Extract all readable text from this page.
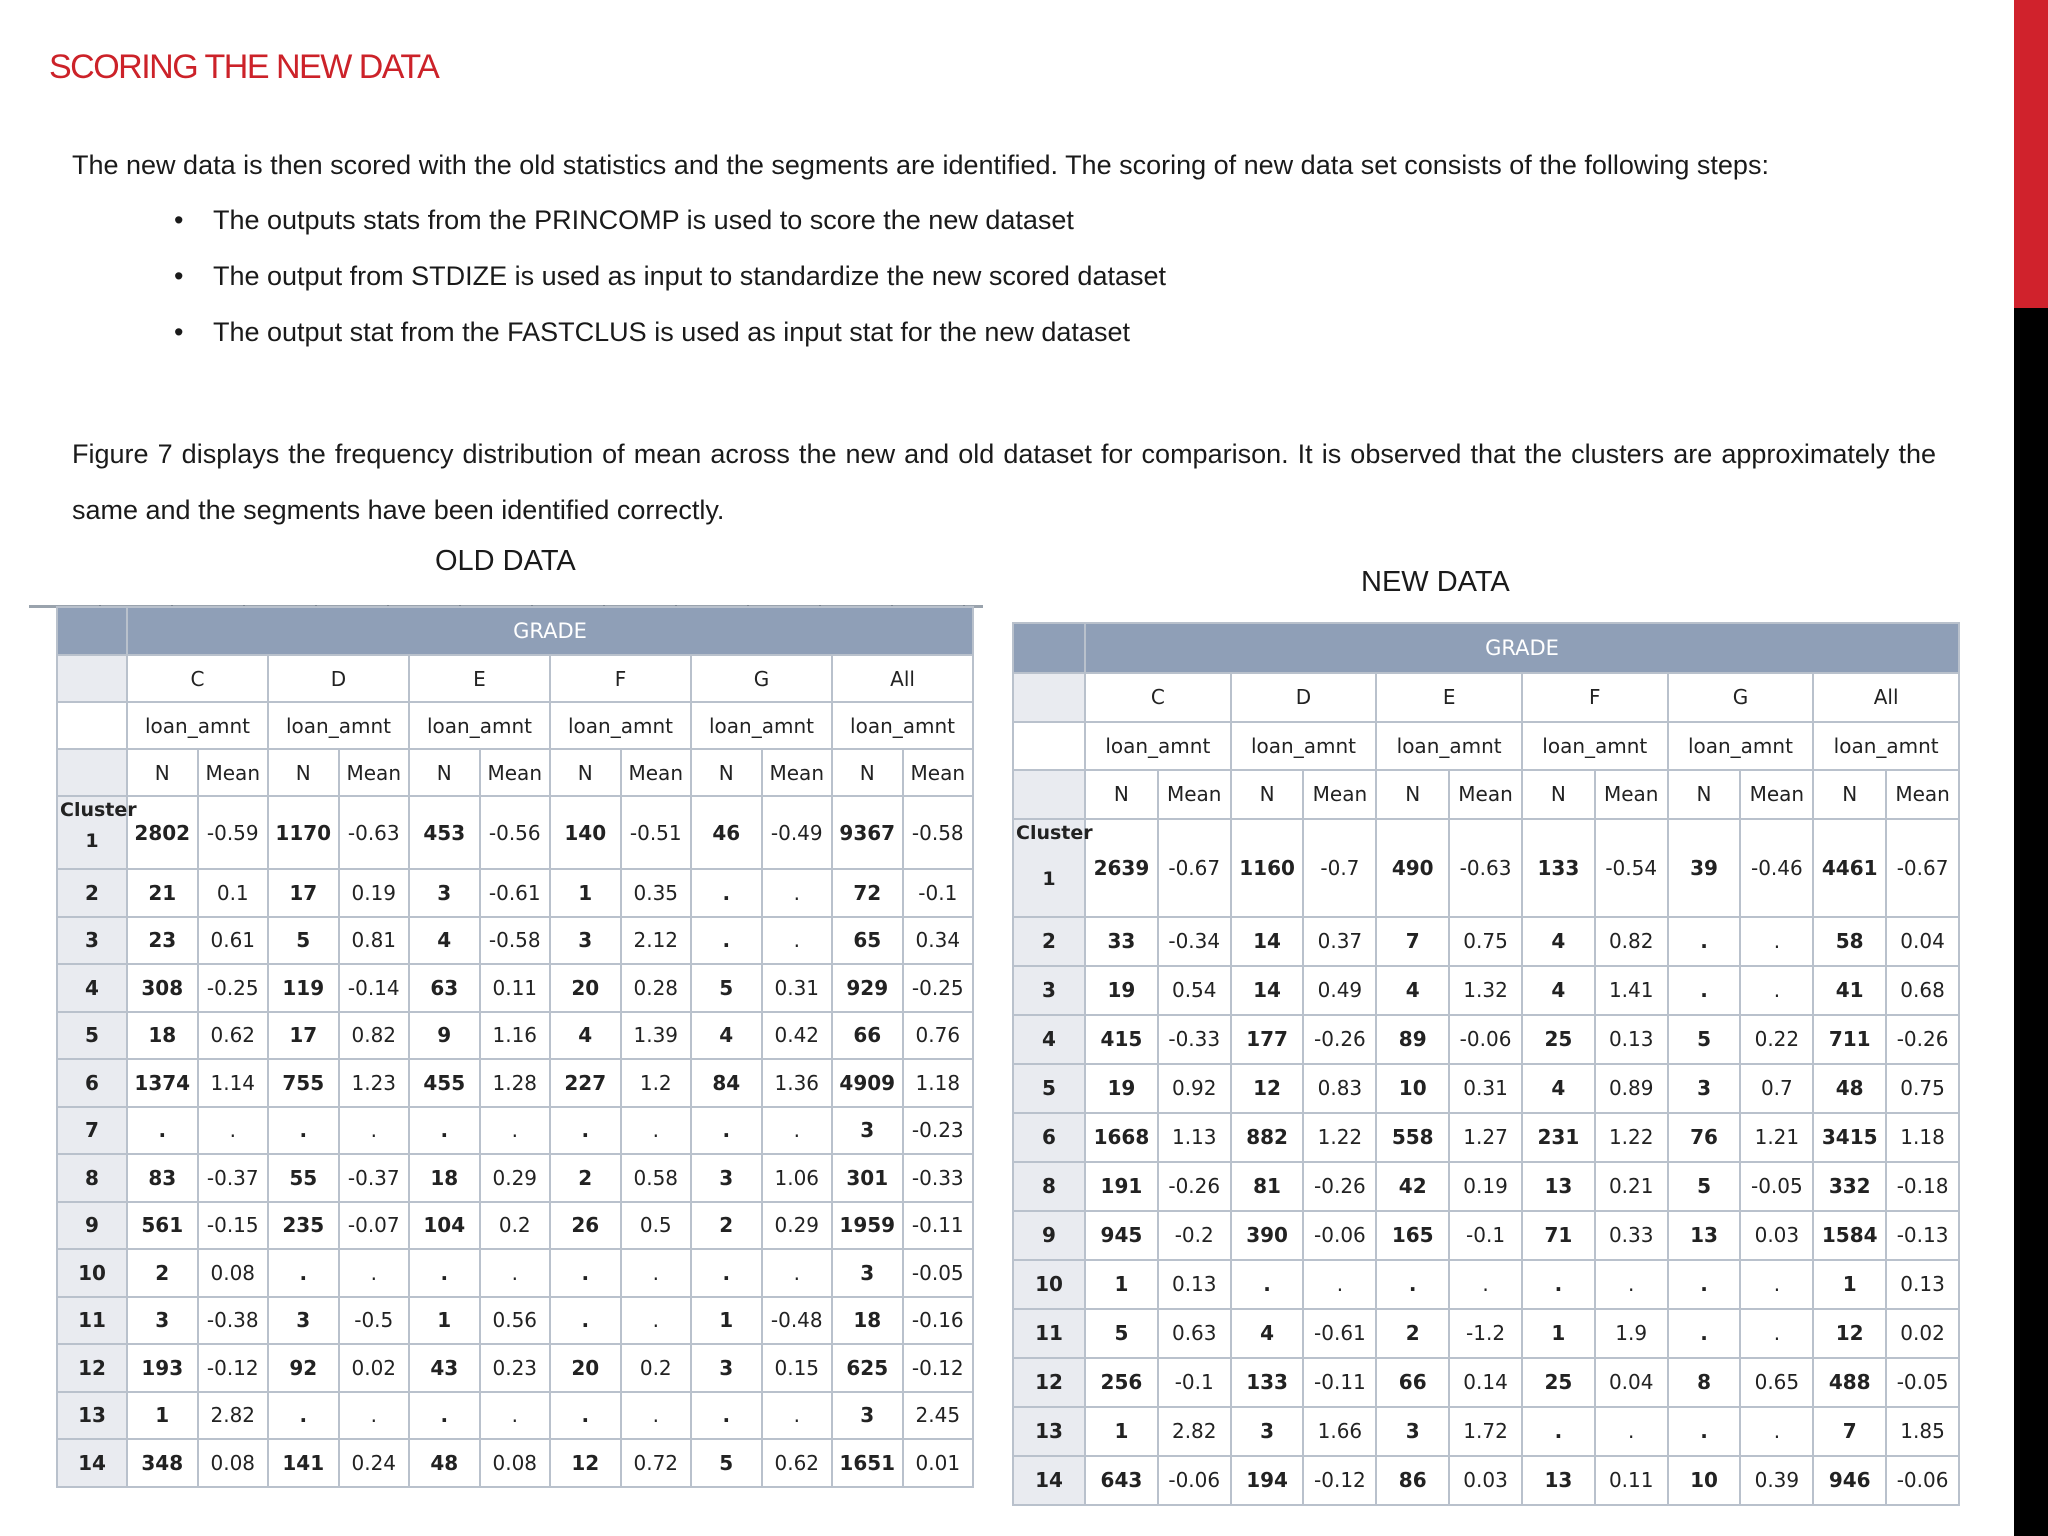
SCORING THE NEW DATA
The new data is then scored with the old statistics and the segments are identified. The scoring of new data set consists of the following steps:
• The outputs stats from the PRINCOMP is used to score the new dataset
• The output from STDIZE is used as input to standardize the new scored dataset
• The output stat from the FASTCLUS is used as input stat for the new dataset
Figure 7 displays the frequency distribution of mean across the new and old dataset for comparison. It is observed that the clusters are approximately the same and the segments have been identified correctly.
OLD DATA
NEW DATA
	GRADE											
	C		D		E		F		G		All	
	loan_amnt		loan_amnt		loan_amnt		loan_amnt		loan_amnt		loan_amnt	
	N	Mean	N	Mean	N	Mean	N	Mean	N	Mean	N	Mean

Cluster
1	2802	-0.59	1170	-0.63	453	-0.56	140	-0.51	46	-0.49	9367	-0.58
2	21	0.1	17	0.19	3	-0.61	1	0.35	.	.	72	-0.1
3	23	0.61	5	0.81	4	-0.58	3	2.12	.	.	65	0.34
4	308	-0.25	119	-0.14	63	0.11	20	0.28	5	0.31	929	-0.25
5	18	0.62	17	0.82	9	1.16	4	1.39	4	0.42	66	0.76
6	1374	1.14	755	1.23	455	1.28	227	1.2	84	1.36	4909	1.18
7	.	.	.	.	.	.	.	.	.	.	3	-0.23
8	83	-0.37	55	-0.37	18	0.29	2	0.58	3	1.06	301	-0.33
9	561	-0.15	235	-0.07	104	0.2	26	0.5	2	0.29	1959	-0.11
10	2	0.08	.	.	.	.	.	.	.	.	3	-0.05
11	3	-0.38	3	-0.5	1	0.56	.	.	1	-0.48	18	-0.16
12	193	-0.12	92	0.02	43	0.23	20	0.2	3	0.15	625	-0.12
13	1	2.82	.	.	.	.	.	.	.	.	3	2.45
14	348	0.08	141	0.24	48	0.08	12	0.72	5	0.62	1651	0.01
	GRADE											
	C		D		E		F		G		All	
	loan_amnt		loan_amnt		loan_amnt		loan_amnt		loan_amnt		loan_amnt	
	N	Mean	N	Mean	N	Mean	N	Mean	N	Mean	N	Mean

Cluster
1	2639	-0.67	1160	-0.7	490	-0.63	133	-0.54	39	-0.46	4461	-0.67
2	33	-0.34	14	0.37	7	0.75	4	0.82	.	.	58	0.04
3	19	0.54	14	0.49	4	1.32	4	1.41	.	.	41	0.68
4	415	-0.33	177	-0.26	89	-0.06	25	0.13	5	0.22	711	-0.26
5	19	0.92	12	0.83	10	0.31	4	0.89	3	0.7	48	0.75
6	1668	1.13	882	1.22	558	1.27	231	1.22	76	1.21	3415	1.18
8	191	-0.26	81	-0.26	42	0.19	13	0.21	5	-0.05	332	-0.18
9	945	-0.2	390	-0.06	165	-0.1	71	0.33	13	0.03	1584	-0.13
10	1	0.13	.	.	.	.	.	.	.	.	1	0.13
11	5	0.63	4	-0.61	2	-1.2	1	1.9	.	.	12	0.02
12	256	-0.1	133	-0.11	66	0.14	25	0.04	8	0.65	488	-0.05
13	1	2.82	3	1.66	3	1.72	.	.	.	.	7	1.85
14	643	-0.06	194	-0.12	86	0.03	13	0.11	10	0.39	946	-0.06
